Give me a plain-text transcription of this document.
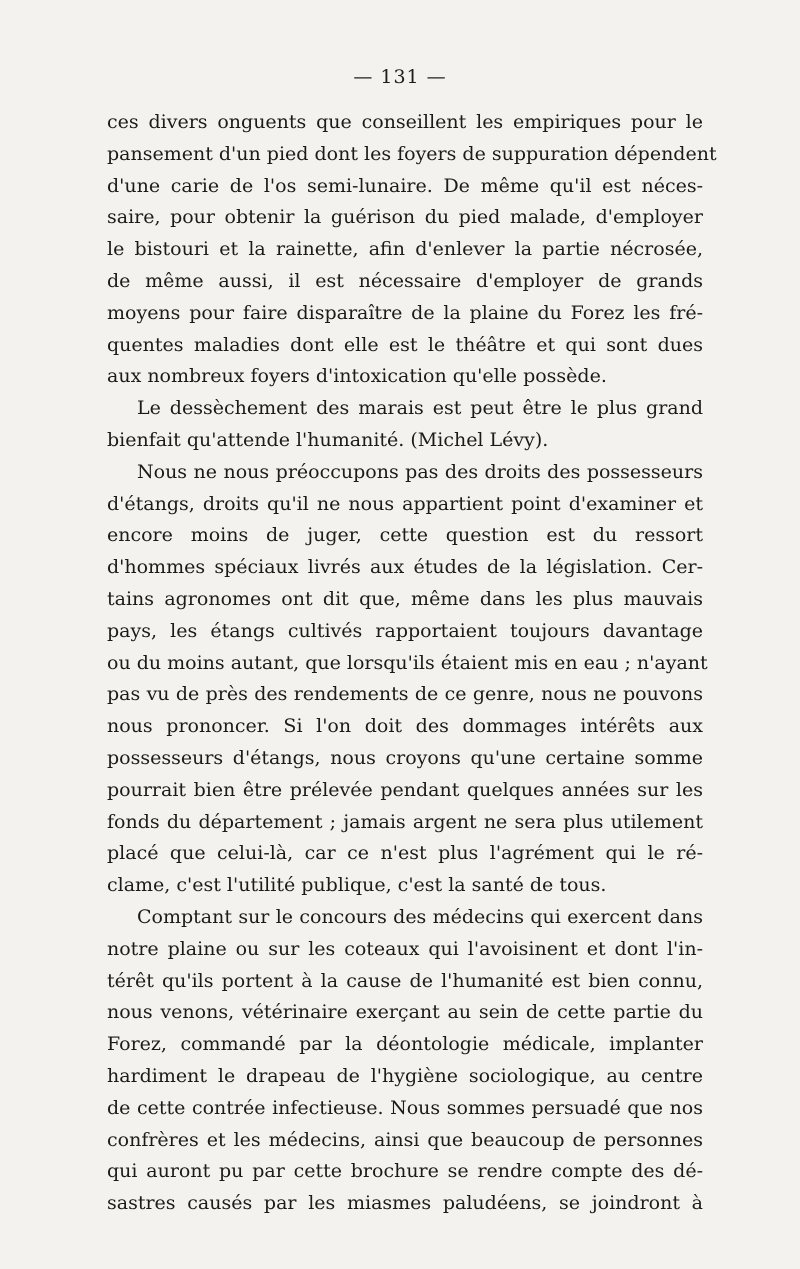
— 131 —
ces divers onguents que conseillent les empiriques pour le
pansement d'un pied dont les foyers de suppuration dépendent
d'une carie de l'os semi-lunaire. De même qu'il est néces-
saire, pour obtenir la guérison du pied malade, d'employer
le bistouri et la rainette, afin d'enlever la partie nécrosée,
de même aussi, il est nécessaire d'employer de grands
moyens pour faire disparaître de la plaine du Forez les fré-
quentes maladies dont elle est le théâtre et qui sont dues
aux nombreux foyers d'intoxication qu'elle possède.
Le dessèchement des marais est peut être le plus grand
bienfait qu'attende l'humanité. (Michel Lévy).
Nous ne nous préoccupons pas des droits des possesseurs
d'étangs, droits qu'il ne nous appartient point d'examiner et
encore moins de juger, cette question est du ressort
d'hommes spéciaux livrés aux études de la législation. Cer-
tains agronomes ont dit que, même dans les plus mauvais
pays, les étangs cultivés rapportaient toujours davantage
ou du moins autant, que lorsqu'ils étaient mis en eau ; n'ayant
pas vu de près des rendements de ce genre, nous ne pouvons
nous prononcer. Si l'on doit des dommages intérêts aux
possesseurs d'étangs, nous croyons qu'une certaine somme
pourrait bien être prélevée pendant quelques années sur les
fonds du département ; jamais argent ne sera plus utilement
placé que celui-là, car ce n'est plus l'agrément qui le ré-
clame, c'est l'utilité publique, c'est la santé de tous.
Comptant sur le concours des médecins qui exercent dans
notre plaine ou sur les coteaux qui l'avoisinent et dont l'in-
térêt qu'ils portent à la cause de l'humanité est bien connu,
nous venons, vétérinaire exerçant au sein de cette partie du
Forez, commandé par la déontologie médicale, implanter
hardiment le drapeau de l'hygiène sociologique, au centre
de cette contrée infectieuse. Nous sommes persuadé que nos
confrères et les médecins, ainsi que beaucoup de personnes
qui auront pu par cette brochure se rendre compte des dé-
sastres causés par les miasmes paludéens, se joindront à
